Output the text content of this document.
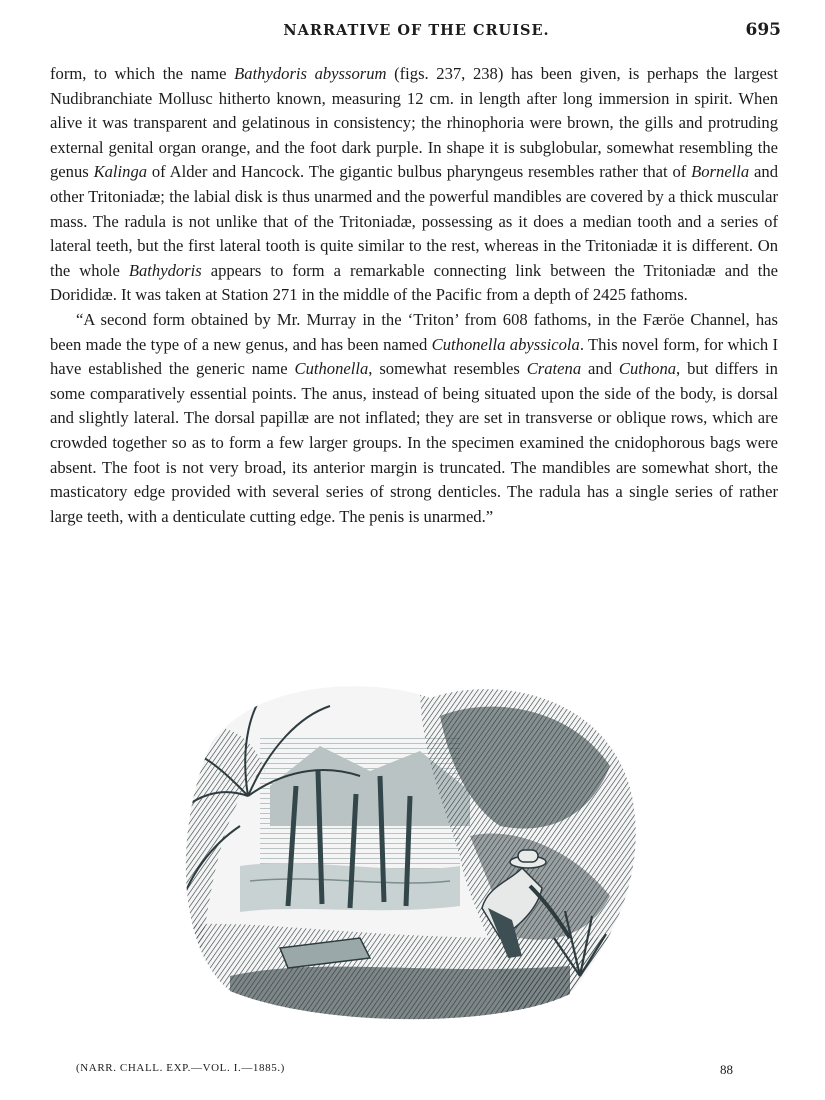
NARRATIVE OF THE CRUISE.	695

form, to which the name Bathydoris abyssorum (figs. 237, 238) has been given, is perhaps the largest Nudibranchiate Mollusc hitherto known, measuring 12 cm. in length after long immersion in spirit. When alive it was transparent and gelatinous in consistency; the rhinophoria were brown, the gills and protruding external genital organ orange, and the foot dark purple. In shape it is subglobular, somewhat resembling the genus Kalinga of Alder and Hancock. The gigantic bulbus pharyngeus resembles rather that of Bornella and other Tritoniadæ; the labial disk is thus unarmed and the powerful mandibles are covered by a thick muscular mass. The radula is not unlike that of the Tritoniadæ, possessing as it does a median tooth and a series of lateral teeth, but the first lateral tooth is quite similar to the rest, whereas in the Tritoniadæ it is different. On the whole Bathydoris appears to form a remarkable connecting link between the Tritoniadæ and the Dorididæ. It was taken at Station 271 in the middle of the Pacific from a depth of 2425 fathoms.

“A second form obtained by Mr. Murray in the ‘Triton’ from 608 fathoms, in the Færöe Channel, has been made the type of a new genus, and has been named Cuthonella abyssicola. This novel form, for which I have established the generic name Cuthonella, somewhat resembles Cratena and Cuthona, but differs in some comparatively essential points. The anus, instead of being situated upon the side of the body, is dorsal and slightly lateral. The dorsal papillæ are not inflated; they are set in transverse or oblique rows, which are crowded together so as to form a few larger groups. In the specimen examined the cnidophorous bags were absent. The foot is not very broad, its anterior margin is truncated. The mandibles are somewhat short, the masticatory edge provided with several series of strong denticles. The radula has a single series of rather large teeth, with a denticulate cutting edge. The penis is unarmed.”

(NARR. CHALL. EXP.—VOL. I.—1885.)	88
